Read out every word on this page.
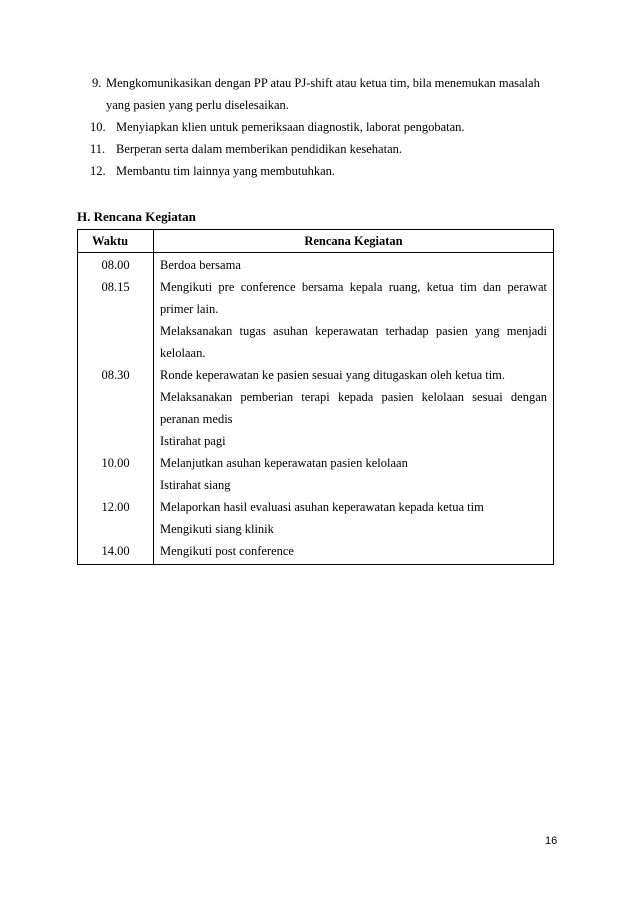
9. Mengkomunikasikan dengan PP atau PJ-shift atau ketua tim, bila menemukan masalah
yang pasien yang perlu diselesaikan.
10. Menyiapkan klien untuk pemeriksaan diagnostik, laborat pengobatan.
11. Berperan serta dalam memberikan pendidikan kesehatan.
12. Membantu tim lainnya yang membutuhkan.
H. Rencana Kegiatan
Waktu	Rencana Kegiatan
08.00	Berdoa bersama
08.15	Mengikuti pre conference bersama kepala ruang, ketua tim dan perawat primer lain.
	Melaksanakan tugas asuhan keperawatan terhadap pasien yang menjadi kelolaan.
08.30	Ronde keperawatan ke pasien sesuai yang ditugaskan oleh ketua tim.
	Melaksanakan pemberian terapi kepada pasien kelolaan sesuai dengan peranan medis
	Istirahat pagi
10.00	Melanjutkan asuhan keperawatan pasien kelolaan
	Istirahat siang
12.00	Melaporkan hasil evaluasi asuhan keperawatan kepada ketua tim
	Mengikuti siang klinik
14.00	Mengikuti post conference
16
